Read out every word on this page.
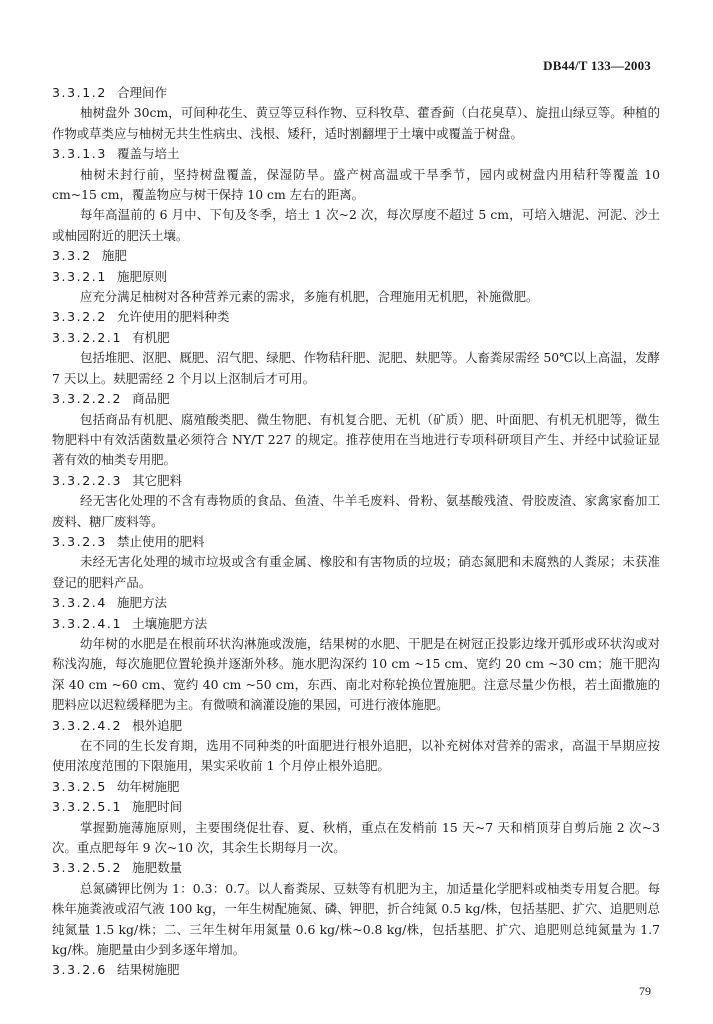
DB44/T 133—2003
3.3.1.2 合理间作

柚树盘外 30cm，可间种花生、黄豆等豆科作物、豆科牧草、藿香蓟（白花臭草）、旋扭山绿豆等。种植的作物或草类应与柚树无共生性病虫、浅根、矮秆，适时割翻埋于土壤中或覆盖于树盘。

3.3.1.3 覆盖与培土

柚树未封行前，坚持树盘覆盖，保湿防旱。盛产树高温或干旱季节，园内或树盘内用秸秆等覆盖 10 cm~15 cm，覆盖物应与树干保持 10 cm 左右的距离。

每年高温前的 6 月中、下旬及冬季，培土 1 次~2 次，每次厚度不超过 5 cm，可培入塘泥、河泥、沙土或柚园附近的肥沃土壤。

3.3.2 施肥
3.3.2.1 施肥原则

应充分满足柚树对各种营养元素的需求，多施有机肥，合理施用无机肥，补施微肥。

3.3.2.2 允许使用的肥料种类
3.3.2.2.1 有机肥

包括堆肥、沤肥、厩肥、沼气肥、绿肥、作物秸秆肥、泥肥、麸肥等。人畜粪尿需经 50℃以上高温，发酵 7 天以上。麸肥需经 2 个月以上沤制后才可用。

3.3.2.2.2 商品肥

包括商品有机肥、腐殖酸类肥、微生物肥、有机复合肥、无机（矿质）肥、叶面肥、有机无机肥等，微生物肥料中有效活菌数量必须符合 NY/T 227 的规定。推荐使用在当地进行专项科研项目产生、并经中试验证显著有效的柚类专用肥。

3.3.2.2.3 其它肥料

经无害化处理的不含有毒物质的食品、鱼渣、牛羊毛废料、骨粉、氨基酸残渣、骨胶废渣、家禽家畜加工废料、糖厂废料等。

3.3.2.3 禁止使用的肥料

未经无害化处理的城市垃圾或含有重金属、橡胶和有害物质的垃圾；硝态氮肥和未腐熟的人粪尿；未获准登记的肥料产品。

3.3.2.4 施肥方法
3.3.2.4.1 土壤施肥方法

幼年树的水肥是在根前环状沟淋施或泼施，结果树的水肥、干肥是在树冠正投影边缘开弧形或环状沟或对称浅沟施，每次施肥位置轮换并逐渐外移。施水肥沟深约 10 cm ~15 cm、宽约 20 cm ~30 cm；施干肥沟深 40 cm ~60 cm、宽约 40 cm ~50 cm，东西、南北对称轮换位置施肥。注意尽量少伤根，若土面撒施的肥料应以迟粒缓释肥为主。有微喷和滴灌设施的果园，可进行液体施肥。

3.3.2.4.2 根外追肥

在不同的生长发育期，选用不同种类的叶面肥进行根外追肥，以补充树体对营养的需求，高温干旱期应按使用浓度范围的下限施用，果实采收前 1 个月停止根外追肥。

3.3.2.5 幼年树施肥
3.3.2.5.1 施肥时间

掌握勤施薄施原则，主要围绕促壮春、夏、秋梢，重点在发梢前 15 天~7 天和梢顶芽自剪后施 2 次~3 次。重点肥每年 9 次~10 次，其余生长期每月一次。

3.3.2.5.2 施肥数量

总氮磷钾比例为 1：0.3：0.7。以人畜粪尿、豆麸等有机肥为主，加适量化学肥料或柚类专用复合肥。每株年施粪液或沼气液 100 kg，一年生树配施氮、磷、钾肥，折合纯氮 0.5 kg/株，包括基肥、扩穴、追肥则总纯氮量 1.5 kg/株；二、三年生树年用氮量 0.6 kg/株~0.8 kg/株，包括基肥、扩穴、追肥则总纯氮量为 1.7 kg/株。施肥量由少到多逐年增加。

3.3.2.6 结果树施肥
79
